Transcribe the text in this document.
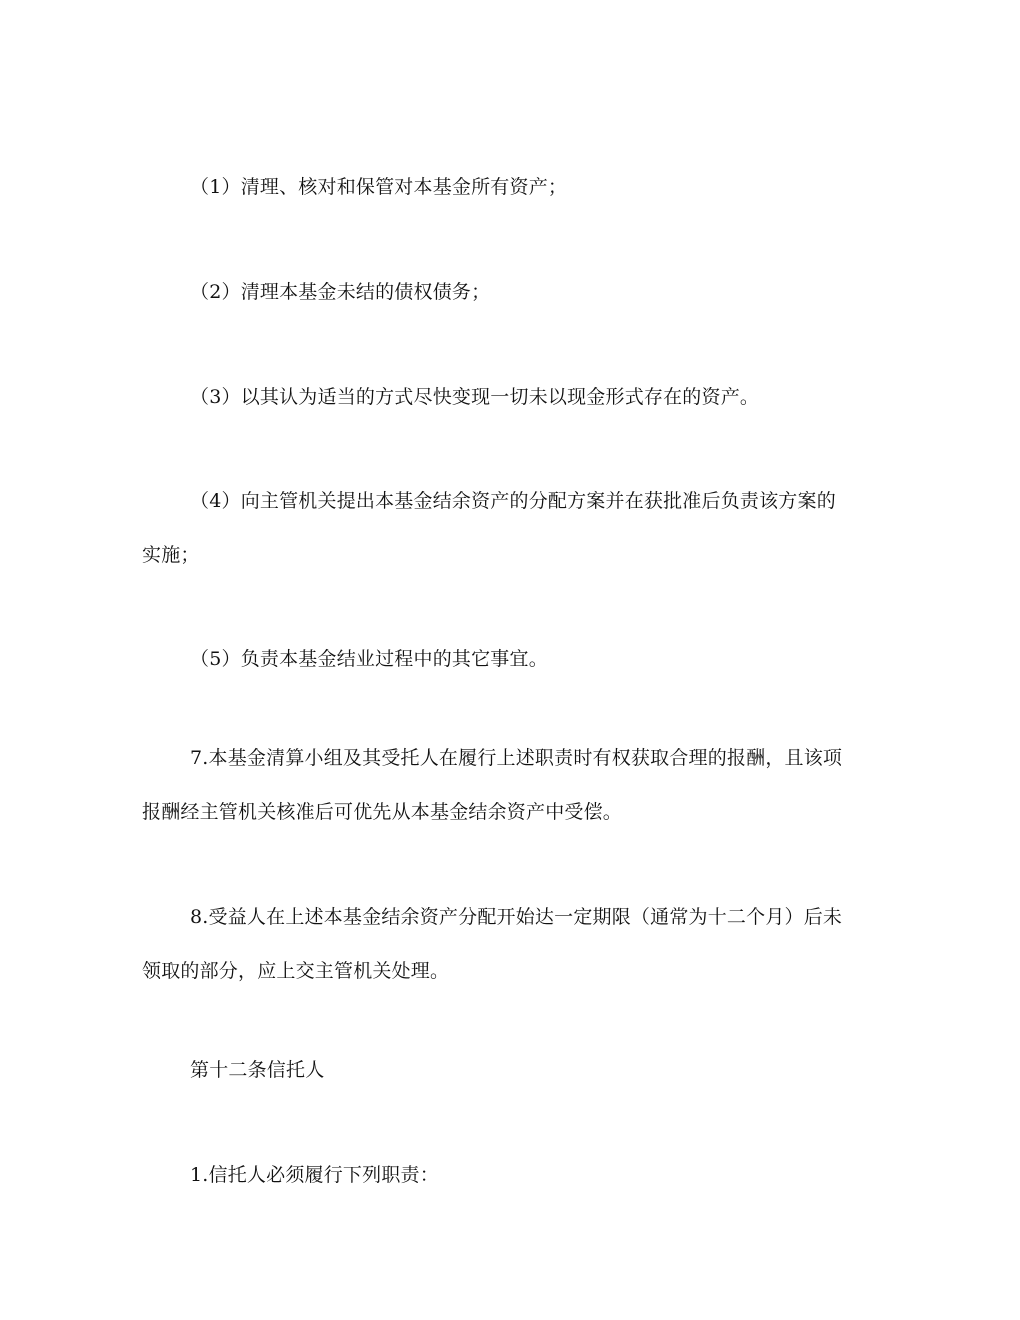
（1）清理、核对和保管对本基金所有资产；
（2）清理本基金未结的债权债务；
（3）以其认为适当的方式尽快变现一切未以现金形式存在的资产。
（4）向主管机关提出本基金结余资产的分配方案并在获批准后负责该方案的
实施；
（5）负责本基金结业过程中的其它事宜。
7.本基金清算小组及其受托人在履行上述职责时有权获取合理的报酬，且该项
报酬经主管机关核准后可优先从本基金结余资产中受偿。
8.受益人在上述本基金结余资产分配开始达一定期限（通常为十二个月）后未
领取的部分，应上交主管机关处理。
第十二条信托人
1.信托人必须履行下列职责：
